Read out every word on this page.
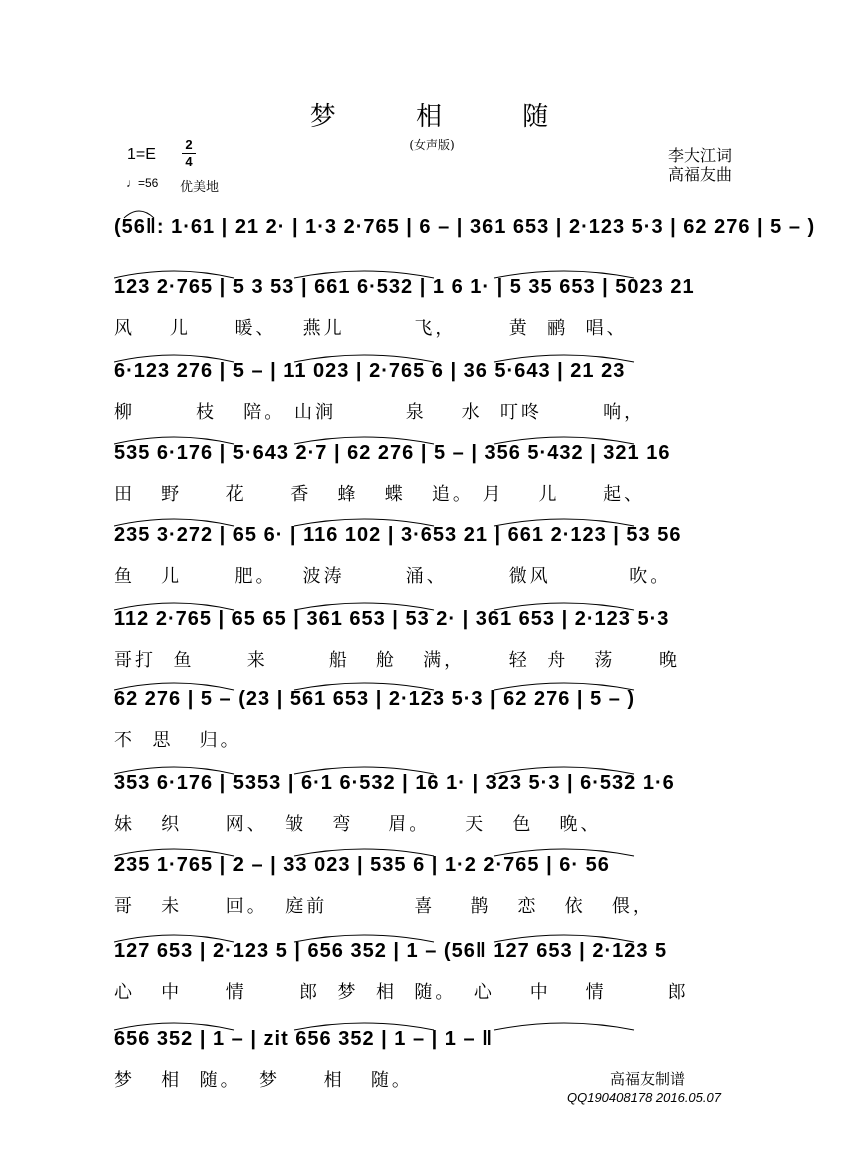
梦 相 随
1=E
2
4
(女声版)
李大江词
高福友曲
♩=56 优美地
(56‖: 1·61 | 21 2· | 1·3 2·765 | 6 – | 361 653 | 2·123 5·3 | 62 276 | 5 – )
123 2·765 | 5 3 53 | 661 6·532 | 1 6 1· | 5 35 653 | 5023 21
风    儿     暖、   燕儿        飞，      黄  鹂  唱、
6·123 276 | 5 – | 11 023 | 2·765 6 | 36 5·643 | 21 23
柳       枝   陪。 山涧        泉    水  叮咚       响，
535 6·176 | 5·643 2·7 | 62 276 | 5 – | 356 5·432 | 321 16
田   野     花     香   蜂   蝶   追。 月    儿     起、
235 3·272 | 65 6· | 116 102 | 3·653 21 | 661 2·123 | 53 56
鱼   儿      肥。   波涛       涌、       微风         吹。
112 2·765 | 65 65 | 361 653 | 53 2· | 361 653 | 2·123 5·3
哥打  鱼      来       船   舱   满，     轻  舟   荡     晚
62 276 | 5 – (23 | 561 653 | 2·123 5·3 | 62 276 | 5 – )
不  思   归。
353 6·176 | 5353 | 6·1 6·532 | 16 1· | 323 5·3 | 6·532 1·6
妹   织     网、  皱   弯    眉。    天   色   晚、
235 1·765 | 2 – | 33 023 | 535 6 | 1·2 2·765 | 6· 56
哥   未     回。  庭前          喜    鹊   恋   依   偎，
127 653 | 2·123 5 | 656 352 | 1 – (56‖ 127 653 | 2·123 5
心   中     情      郎  梦  相  随。  心    中    情       郎
656 352 | 1 – | zit 656 352 | 1 – | 1 – ‖
梦   相  随。  梦     相   随。	高福友制谱
QQ190408178 2016.05.07
